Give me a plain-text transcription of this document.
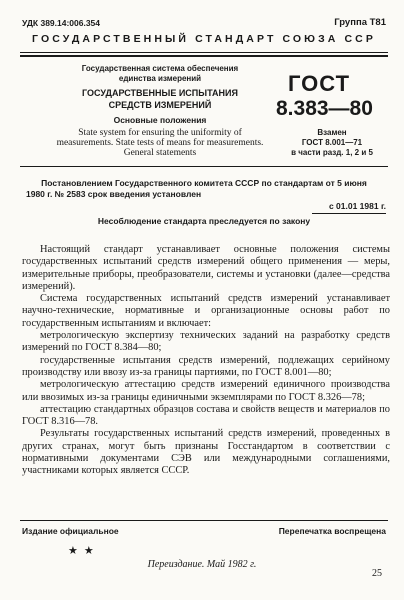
УДК 389.14:006.354	Группа Т81
ГОСУДАРСТВЕННЫЙ СТАНДАРТ СОЮЗА ССР
Государственная система обеспечения
единства измерений
ГОСУДАРСТВЕННЫЕ ИСПЫТАНИЯ
СРЕДСТВ ИЗМЕРЕНИЙ
Основные положения
State system for ensuring the uniformity of
measurements. State tests of means for measurements.
General statements
ГОСТ
8.383—80
Взамен
ГОСТ 8.001—71
в части разд. 1, 2 и 5
Постановлением Государственного комитета СССР по стандартам от 5 июня
1980 г. № 2583 срок введения установлен
с 01.01 1981 г.
Несоблюдение стандарта преследуется по закону

Настоящий стандарт устанавливает основные положения системы государственных испытаний средств измерений общего применения — меры, измерительные приборы, преобразователи, системы и установки (далее—средства измерений).

Система государственных испытаний средств измерений устанавливает научно-технические, нормативные и организационные основы работ по государственным испытаниям и включает:

метрологическую экспертизу технических заданий на разработку средств измерений по ГОСТ 8.384—80;

государственные испытания средств измерений, подлежащих серийному производству или ввозу из-за границы партиями, по ГОСТ 8.001—80;

метрологическую аттестацию средств измерений единичного производства или ввозимых из-за границы единичными экземплярами по ГОСТ 8.326—78;

аттестацию стандартных образцов состава и свойств веществ и материалов по ГОСТ 8.316—78.

Результаты государственных испытаний средств измерений, проведенных в других странах, могут быть признаны Госстандартом в соответствии с нормативными документами СЭВ или международными соглашениями, участниками которых является СССР.

Издание официальное	Перепечатка воспрещена
★★
Переиздание. Май 1982 г.
25
